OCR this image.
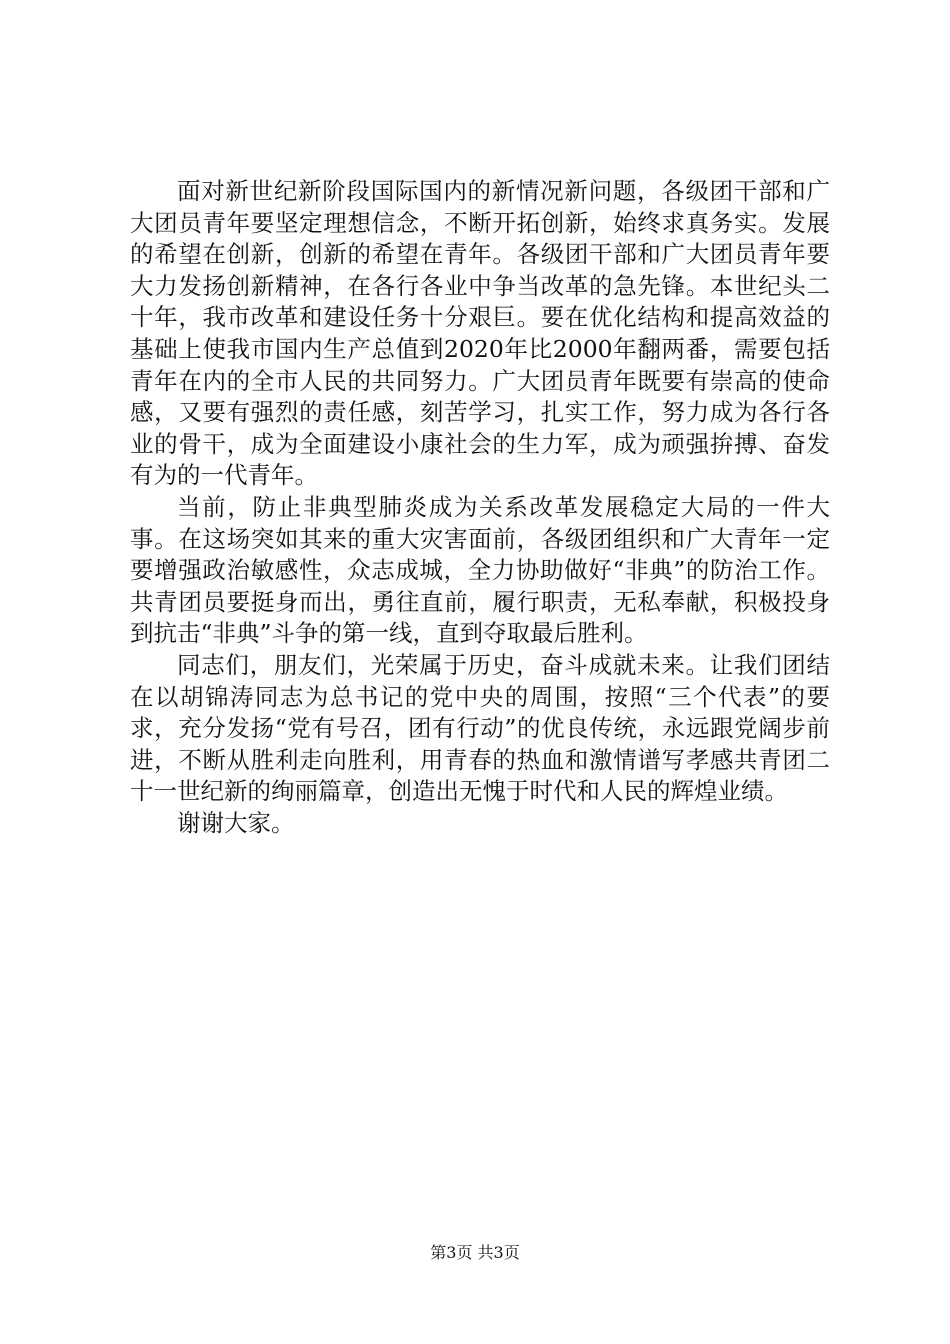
面对新世纪新阶段国际国内的新情况新问题，各级团干部和广大团员青年要坚定理想信念，不断开拓创新，始终求真务实。发展的希望在创新，创新的希望在青年。各级团干部和广大团员青年要大力发扬创新精神，在各行各业中争当改革的急先锋。本世纪头二十年，我市改革和建设任务十分艰巨。要在优化结构和提高效益的基础上使我市国内生产总值到2020年比2000年翻两番，需要包括青年在内的全市人民的共同努力。广大团员青年既要有崇高的使命感，又要有强烈的责任感，刻苦学习，扎实工作，努力成为各行各业的骨干，成为全面建设小康社会的生力军，成为顽强拚搏、奋发有为的一代青年。

当前，防止非典型肺炎成为关系改革发展稳定大局的一件大事。在这场突如其来的重大灾害面前，各级团组织和广大青年一定要增强政治敏感性，众志成城，全力协助做好“非典”的防治工作。共青团员要挺身而出，勇往直前，履行职责，无私奉献，积极投身到抗击“非典”斗争的第一线，直到夺取最后胜利。

同志们，朋友们，光荣属于历史，奋斗成就未来。让我们团结在以胡锦涛同志为总书记的党中央的周围，按照“三个代表”的要求，充分发扬“党有号召，团有行动”的优良传统，永远跟党阔步前进，不断从胜利走向胜利，用青春的热血和激情谱写孝感共青团二十一世纪新的绚丽篇章，创造出无愧于时代和人民的辉煌业绩。

谢谢大家。

第3页 共3页
